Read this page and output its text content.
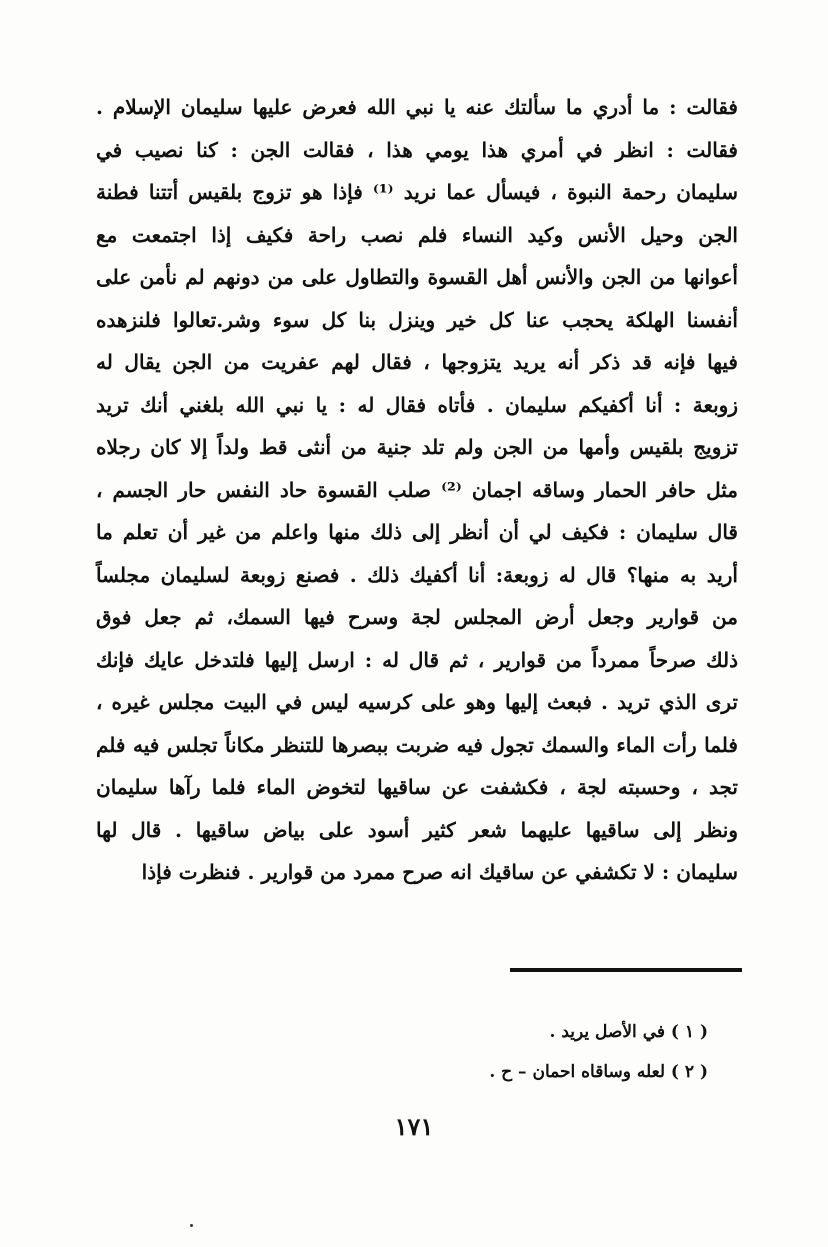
فقالت : ما أدري ما سألتك عنه يا نبي الله فعرض عليها سليمان الإسلام .
فقالت : انظر في أمري هذا يومي هذا ، فقالت الجن : كنا نصيب في
سليمان رحمة النبوة ، فيسأل عما نريد ⁽¹⁾ فإذا هو تزوج بلقيس أتتنا فطنة
الجن وحيل الأنس وكيد النساء فلم نصب راحة فكيف إذا اجتمعت مع
أعوانها من الجن والأنس أهل القسوة والتطاول على من دونهم لم نأمن على
أنفسنا الهلكة يحجب عنا كل خير وينزل بنا كل سوء وشر.تعالوا فلنزهده
فيها فإنه قد ذكر أنه يريد يتزوجها ، فقال لهم عفريت من الجن يقال له
زوبعة : أنا أكفيكم سليمان . فأتاه فقال له : يا نبي الله بلغني أنك تريد
تزويج بلقيس وأمها من الجن ولم تلد جنية من أنثى قط ولداً إلا كان رجلاه
مثل حافر الحمار وساقه اجمان ⁽²⁾ صلب القسوة حاد النفس حار الجسم ،
قال سليمان : فكيف لي أن أنظر إلى ذلك منها واعلم من غير أن تعلم ما
أريد به منها؟ قال له زوبعة: أنا أكفيك ذلك . فصنع زوبعة لسليمان مجلساً
من قوارير وجعل أرض المجلس لجة وسرح فيها السمك، ثم جعل فوق
ذلك صرحاً ممرداً من قوارير ، ثم قال له : ارسل إليها فلتدخل عايك فإنك
ترى الذي تريد . فبعث إليها وهو على كرسيه ليس في البيت مجلس غيره ،
فلما رأت الماء والسمك تجول فيه ضربت ببصرها للتنظر مكاناً تجلس فيه فلم
تجد ، وحسبته لجة ، فكشفت عن ساقيها لتخوض الماء فلما رآها سليمان
ونظر إلى ساقيها عليهما شعر كثير أسود على بياض ساقيها . قال لها
سليمان : لا تكشفي عن ساقيك انه صرح ممرد من قوارير . فنظرت فإذا
( ١ ) في الأصل يريد .
( ٢ ) لعله وساقاه احمان – ح .
١٧١
